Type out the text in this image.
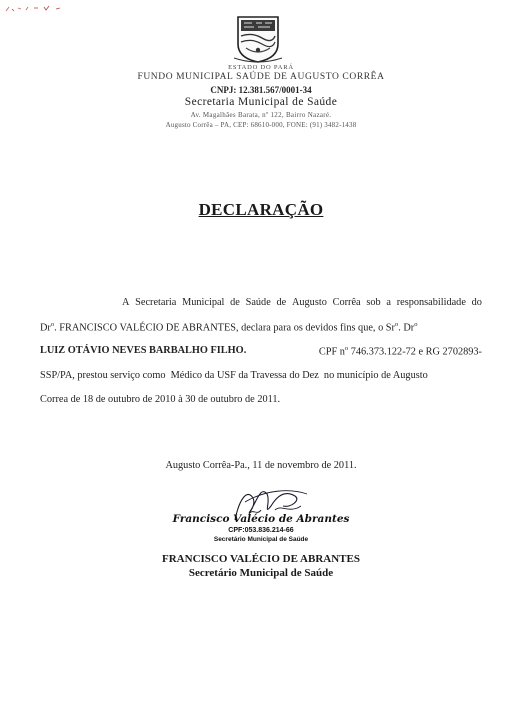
ESTADO DO PARÁ
FUNDO MUNICIPAL SAÚDE DE AUGUSTO CORRÊA
CNPJ: 12.381.567/0001-34
Secretaria Municipal de Saúde
Av. Magalhães Barata, nº 122, Bairro Nazaré.
Augusto Corrêa – PA, CEP: 68610-000, FONE: (91) 3482-1438
DECLARAÇÃO
A Secretaria Municipal de Saúde de Augusto Corrêa sob a responsabilidade do
Dr$^o$. FRANCISCO VALÉCIO DE ABRANTES, declara para os devidos fins que, o Sr$^o$. Dr$^o$
LUIZ OTÁVIO NEVES BARBALHO FILHO.	CPF $n^o$ 746.373.122-72 e RG 2702893-
SSP/PA, prestou serviço como  Médico da USF da Travessa do Dez  no município de Augusto
Correa de 18 de outubro de 2010 à 30 de outubro de 2011.
Augusto Corrêa-Pa., 11 de novembro de 2011.
Francisco Valécio de Abrantes
CPF:053.836.214-66
Secretário Municipal de Saúde
FRANCISCO VALÉCIO DE ABRANTES
Secretário Municipal de Saúde
